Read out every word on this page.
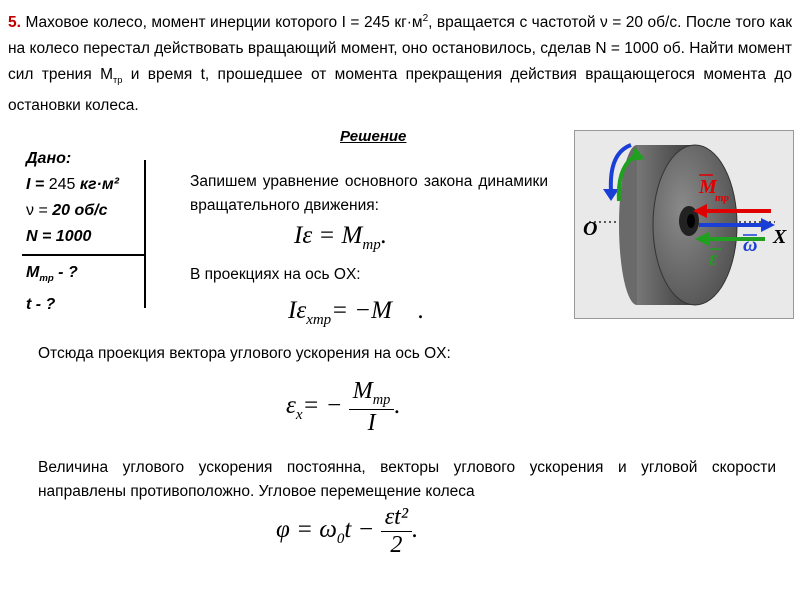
5. Маховое колесо, момент инерции которого I = 245 $кг\cdot м^2$, вращается с частотой ν = 20 об/с. После того как на колесо перестал действовать вращающий момент, оно остановилось, сделав N = 1000 об. Найти момент сил трения $M_{тр}$ и время t, прошедшее от момента прекращения действия вращающегося момента до остановки колеса.
Решение
Дано:
I = 245 кг·м²
ν = 20 об/с
N = 1000
$M_{тр}$ - ?
t - ?
Запишем уравнение основного закона динамики вращательного движения:
$I\varepsilon = M_{тр}$.
В проекциях на ось OX:
$I\varepsilon_{xтр}= -M$ .
Отсюда проекция вектора углового ускорения на ось OX:
$\varepsilon_x= - \frac{M_{тр}}{I}$ .
Величина углового ускорения постоянна, векторы углового ускорения и угловой скорости направлены противоположно. Угловое перемещение колеса
$\varphi = \omega_0t - \frac{\text{εt²}}{2}$ .
O	X
M
тр
ω
ε
